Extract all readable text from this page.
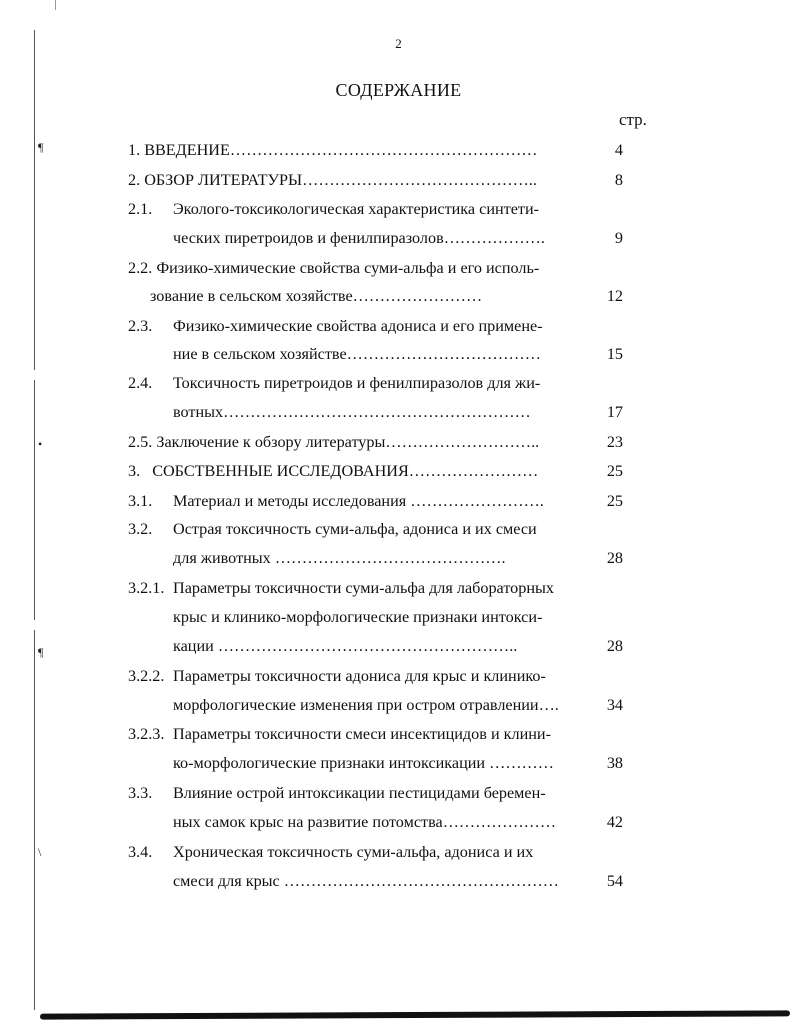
¶
•
¶
\
2
СОДЕРЖАНИЕ
стр.
1. ВВЕДЕНИЕ…………………………………………………	4
2. ОБЗОР ЛИТЕРАТУРЫ……………………………………..	8
2.1. Эколого-токсикологическая характеристика синтети-
ческих пиретроидов и фенилпиразолов……………….	9
2.2. Физико-химические свойства суми-альфа и его исполь-
зование в сельском хозяйстве……………………	12
2.3. Физико-химические свойства адониса и его примене-
ние в сельском хозяйстве………………………………	15
2.4. Токсичность пиретроидов и фенилпиразолов для жи-
вотных…………………………………………………	17
2.5. Заключение к обзору литературы………………………..	23
3. СОБСТВЕННЫЕ ИССЛЕДОВАНИЯ……………………	25
3.1. Материал и методы исследования …………………….	25
3.2. Острая токсичность суми-альфа, адониса и их смеси
для животных …………………………………….	28
3.2.1. Параметры токсичности суми-альфа для лабораторных
крыс и клинико-морфологические признаки интокси-
кации ………………………………………………..	28
3.2.2. Параметры токсичности адониса для крыс и клинико-
морфологические изменения при остром отравлении….	34
3.2.3. Параметры токсичности смеси инсектицидов и клини-
ко-морфологические признаки интоксикации …………	38
3.3. Влияние острой интоксикации пестицидами беремен-
ных самок крыс на развитие потомства…………………	42
3.4. Хроническая токсичность суми-альфа, адониса и их
смеси для крыс ……………………………………………	54
